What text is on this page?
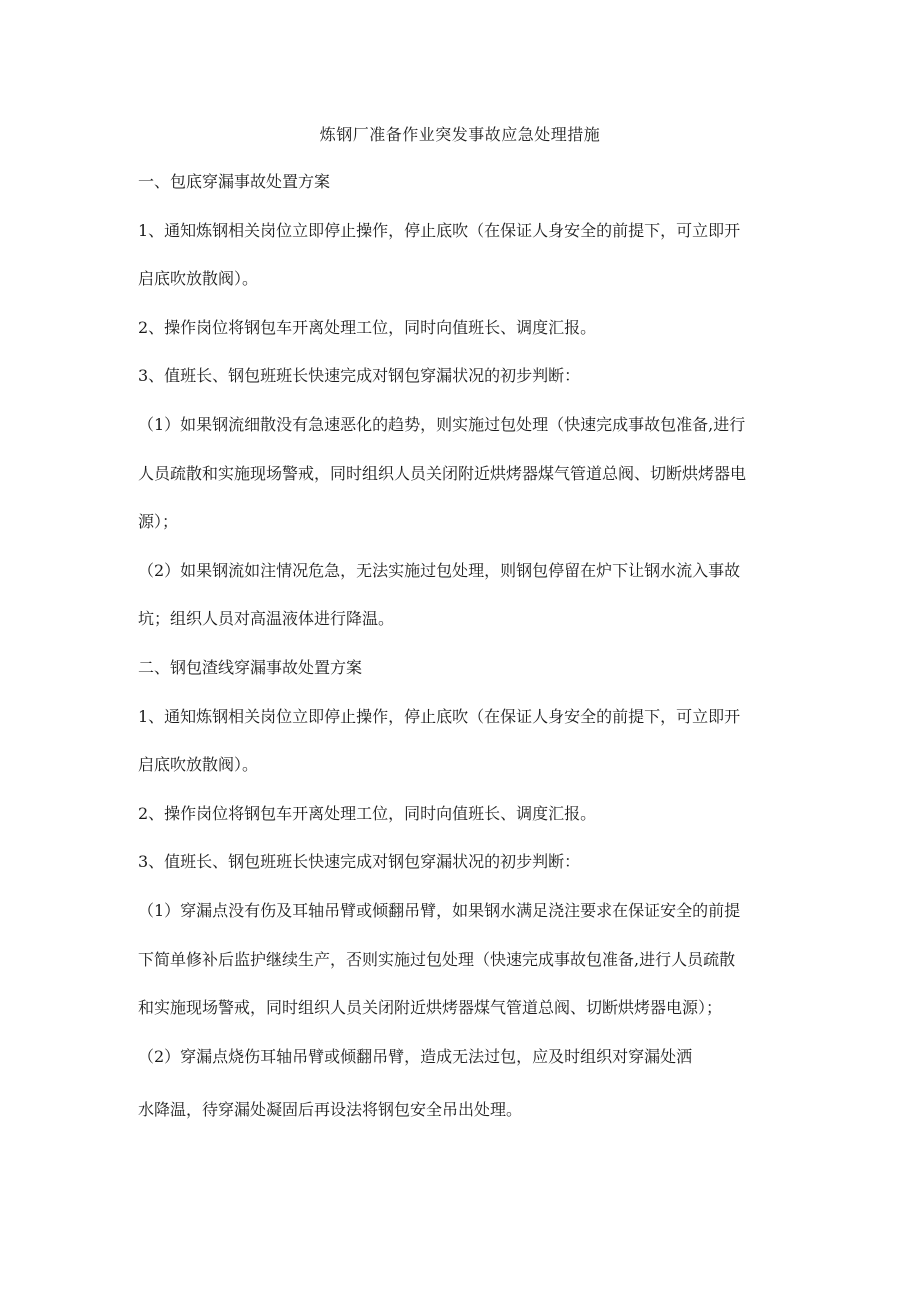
炼钢厂准备作业突发事故应急处理措施
一、包底穿漏事故处置方案
1、通知炼钢相关岗位立即停止操作，停止底吹（在保证人身安全的前提下，可立即开
启底吹放散阀）。
2、操作岗位将钢包车开离处理工位，同时向值班长、调度汇报。
3、值班长、钢包班班长快速完成对钢包穿漏状况的初步判断：
（1）如果钢流细散没有急速恶化的趋势，则实施过包处理（快速完成事故包准备,进行
人员疏散和实施现场警戒，同时组织人员关闭附近烘烤器煤气管道总阀、切断烘烤器电
源）；
（2）如果钢流如注情况危急，无法实施过包处理，则钢包停留在炉下让钢水流入事故
坑；组织人员对高温液体进行降温。
二、钢包渣线穿漏事故处置方案
1、通知炼钢相关岗位立即停止操作，停止底吹（在保证人身安全的前提下，可立即开
启底吹放散阀）。
2、操作岗位将钢包车开离处理工位，同时向值班长、调度汇报。
3、值班长、钢包班班长快速完成对钢包穿漏状况的初步判断：
（1）穿漏点没有伤及耳轴吊臂或倾翻吊臂，如果钢水满足浇注要求在保证安全的前提
下简单修补后监护继续生产，否则实施过包处理（快速完成事故包准备,进行人员疏散
和实施现场警戒，同时组织人员关闭附近烘烤器煤气管道总阀、切断烘烤器电源）；
（2）穿漏点烧伤耳轴吊臂或倾翻吊臂，造成无法过包，应及时组织对穿漏处洒
水降温，待穿漏处凝固后再设法将钢包安全吊出处理。
